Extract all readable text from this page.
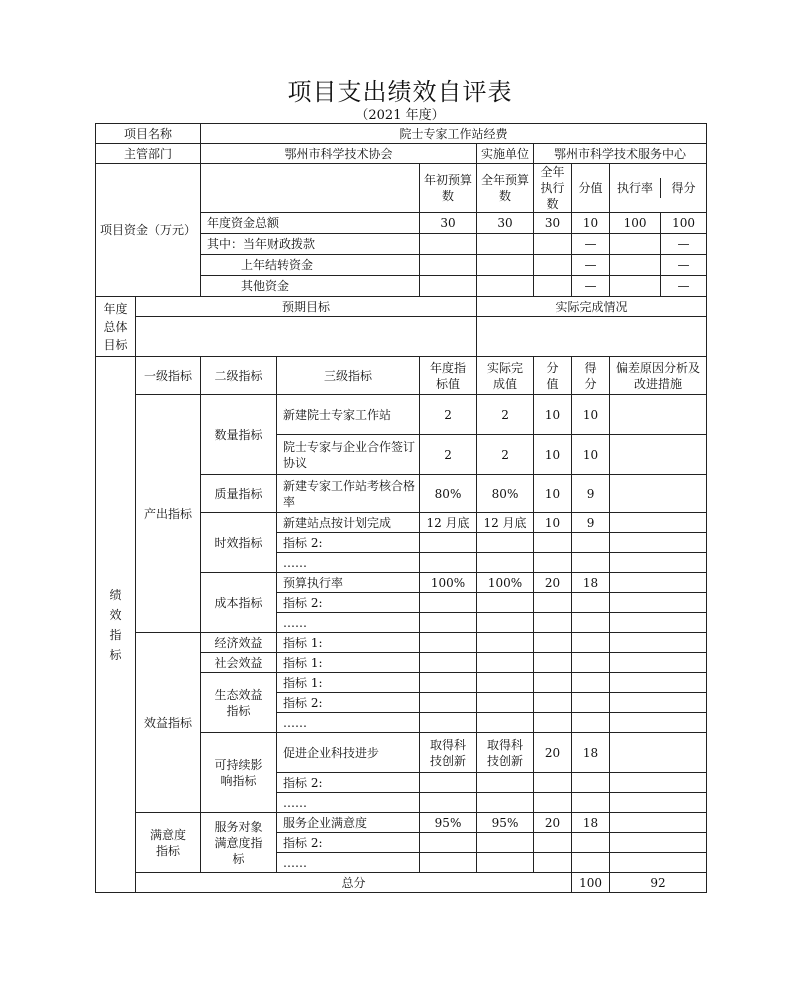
项目支出绩效自评表
（2021 年度）
项目名称		院士专家工作站经费							
主管部门		鄂州市科学技术协会			实施单位	鄂州市科学技术服务中心			
项目资金（万元）				年初预算数	全年预算数	全年执行数	分值	执行率 得分	

		年度资金总额		30	30	30	10	100 100	

		其中：当年财政拨款					—	—	

		上年结转资金					—	—	

		其他资金					—	—	

年度总体目标	预期目标				实际完成情况				

绩效指标	一级指标	二级指标	三级指标	年度指标值	实际完成值	分值	得分	偏差原因分析及改进措施	
	产出指标	数量指标	新建院士专家工作站	2	2	10	10		
			院士专家与企业合作签订协议	2	2	10	10		
		质量指标	新建专家工作站考核合格率	80%	80%	10	9		
		时效指标	新建站点按计划完成	12 月底	12 月底	10	9		
			指标 2:						
			……						
		成本指标	预算执行率	100%	100%	20	18		
			指标 2:						
			……						
	效益指标	经济效益	指标 1:						
		社会效益	指标 1:						
		生态效益指标	指标 1:						
			指标 2:						
			……						
		可持续影响指标	促进企业科技进步	取得科技创新	取得科技创新	20	18		
			指标 2:						
			……						
	满意度指标	服务对象满意度指标	服务企业满意度	95%	95%	20	18		
			指标 2:						
			……						
	总分						100	92	
